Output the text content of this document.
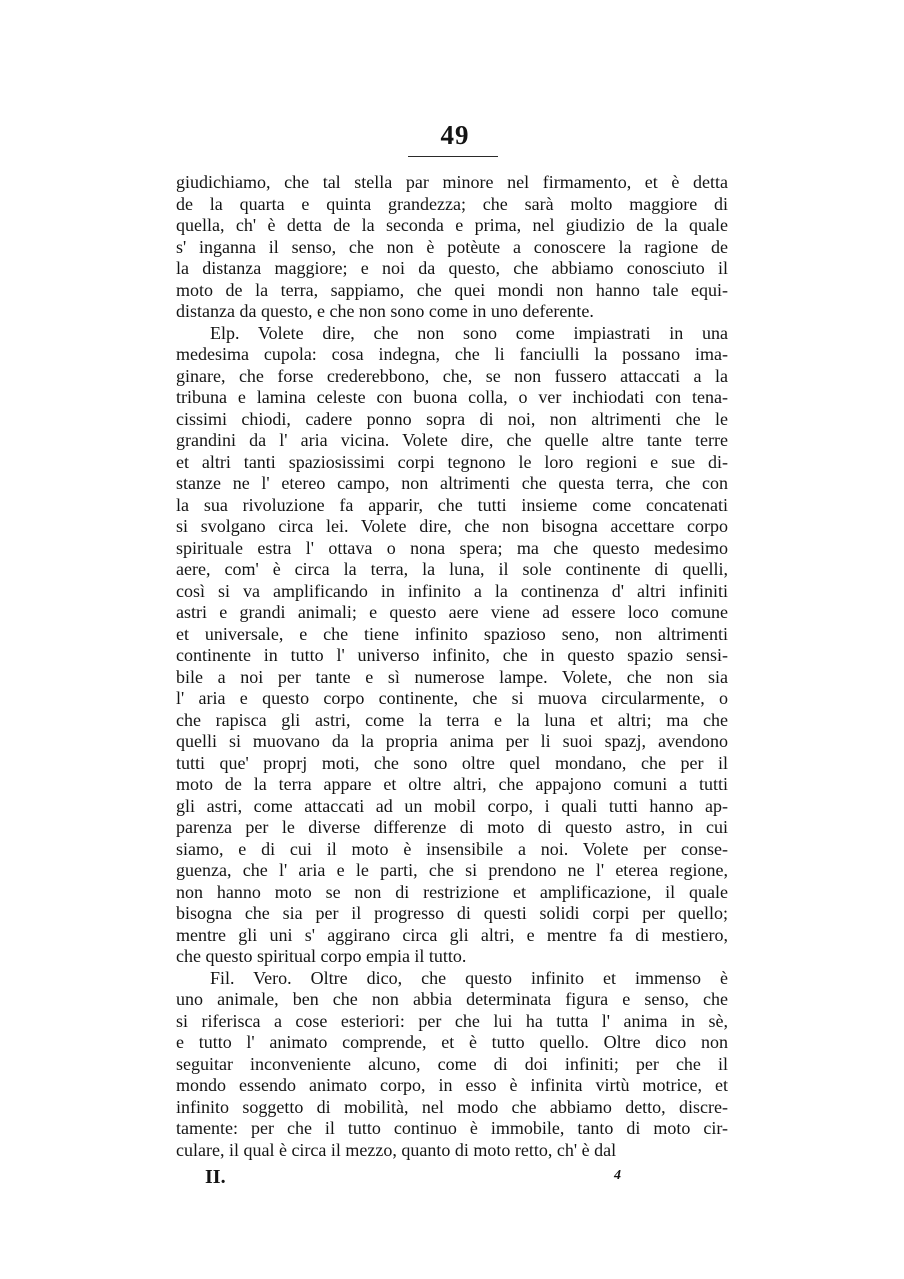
49
giudichiamo, che tal stella par minore nel firmamento, et è detta
de la quarta e quinta grandezza; che sarà molto maggiore di
quella, ch' è detta de la seconda e prima, nel giudizio de la quale
s' inganna il senso, che non è potèute a conoscere la ragione de
la distanza maggiore; e noi da questo, che abbiamo conosciuto il
moto de la terra, sappiamo, che quei mondi non hanno tale equi-
distanza da questo, e che non sono come in uno deferente.
Elp. Volete dire, che non sono come impiastrati in una
medesima cupola: cosa indegna, che li fanciulli la possano ima-
ginare, che forse crederebbono, che, se non fussero attaccati a la
tribuna e lamina celeste con buona colla, o ver inchiodati con tena-
cissimi chiodi, cadere ponno sopra di noi, non altrimenti che le
grandini da l' aria vicina. Volete dire, che quelle altre tante terre
et altri tanti spaziosissimi corpi tegnono le loro regioni e sue di-
stanze ne l' etereo campo, non altrimenti che questa terra, che con
la sua rivoluzione fa apparir, che tutti insieme come concatenati
si svolgano circa lei. Volete dire, che non bisogna accettare corpo
spirituale estra l' ottava o nona spera; ma che questo medesimo
aere, com' è circa la terra, la luna, il sole continente di quelli,
così si va amplificando in infinito a la continenza d' altri infiniti
astri e grandi animali; e questo aere viene ad essere loco comune
et universale, e che tiene infinito spazioso seno, non altrimenti
continente in tutto l' universo infinito, che in questo spazio sensi-
bile a noi per tante e sì numerose lampe. Volete, che non sia
l' aria e questo corpo continente, che si muova circularmente, o
che rapisca gli astri, come la terra e la luna et altri; ma che
quelli si muovano da la propria anima per li suoi spazj, avendono
tutti que' proprj moti, che sono oltre quel mondano, che per il
moto de la terra appare et oltre altri, che appajono comuni a tutti
gli astri, come attaccati ad un mobil corpo, i quali tutti hanno ap-
parenza per le diverse differenze di moto di questo astro, in cui
siamo, e di cui il moto è insensibile a noi. Volete per conse-
guenza, che l' aria e le parti, che si prendono ne l' eterea regione,
non hanno moto se non di restrizione et amplificazione, il quale
bisogna che sia per il progresso di questi solidi corpi per quello;
mentre gli uni s' aggirano circa gli altri, e mentre fa di mestiero,
che questo spiritual corpo empia il tutto.
Fil. Vero. Oltre dico, che questo infinito et immenso è
uno animale, ben che non abbia determinata figura e senso, che
si riferisca a cose esteriori: per che lui ha tutta l' anima in sè,
e tutto l' animato comprende, et è tutto quello. Oltre dico non
seguitar inconveniente alcuno, come di doi infiniti; per che il
mondo essendo animato corpo, in esso è infinita virtù motrice, et
infinito soggetto di mobilità, nel modo che abbiamo detto, discre-
tamente: per che il tutto continuo è immobile, tanto di moto cir-
culare, il qual è circa il mezzo, quanto di moto retto, ch' è dal
II.	4
